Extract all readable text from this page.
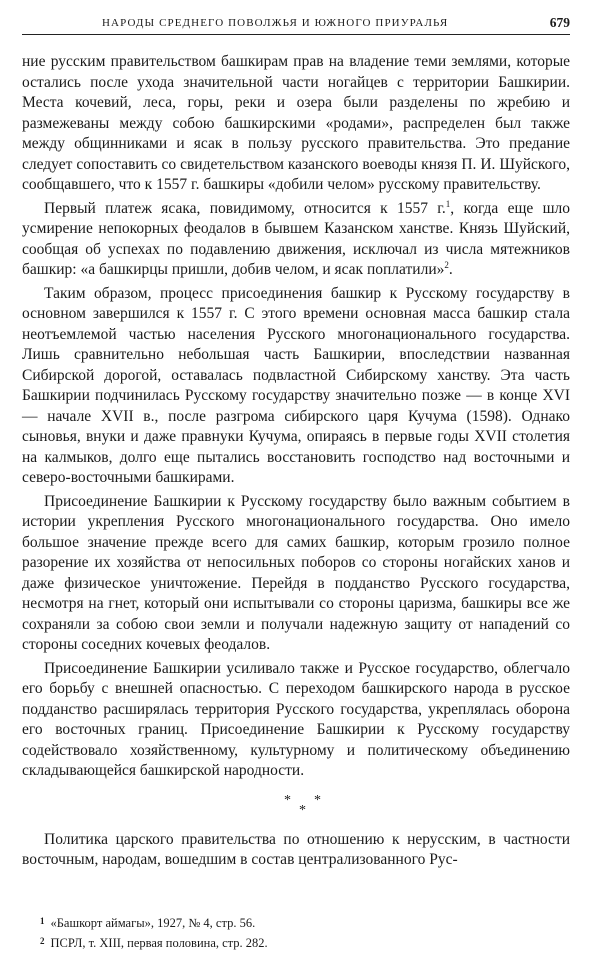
НАРОДЫ СРЕДНЕГО ПОВОЛЖЬЯ И ЮЖНОГО ПРИУРАЛЬЯ	679

ние русским правительством башкирам прав на владение теми землями, которые остались после ухода значительной части ногайцев с территории Башкирии. Места кочевий, леса, горы, реки и озера были разделены по жребию и размежеваны между собою башкирскими «родами», распределен был также между общинниками и ясак в пользу русского правительства. Это предание следует сопоставить со свидетельством казанского воеводы князя П. И. Шуйского, сообщавшего, что к 1557 г. башкиры «добили челом» русскому правительству.

Первый платеж ясака, повидимому, относится к 1557 г.$^1$, когда еще шло усмирение непокорных феодалов в бывшем Казанском ханстве. Князь Шуйский, сообщая об успехах по подавлению движения, исключал из числа мятежников башкир: «а башкирцы пришли, добив челом, и ясак поплатили»$^2$.

Таким образом, процесс присоединения башкир к Русскому государству в основном завершился к 1557 г. С этого времени основная масса башкир стала неотъемлемой частью населения Русского многонационального государства. Лишь сравнительно небольшая часть Башкирии, впоследствии названная Сибирской дорогой, оставалась подвластной Сибирскому ханству. Эта часть Башкирии подчинилась Русскому государству значительно позже — в конце XVI — начале XVII в., после разгрома сибирского царя Кучума (1598). Однако сыновья, внуки и даже правнуки Кучума, опираясь в первые годы XVII столетия на калмыков, долго еще пытались восстановить господство над восточными и северо-восточными башкирами.

Присоединение Башкирии к Русскому государству было важным событием в истории укрепления Русского многонационального государства. Оно имело большое значение прежде всего для самих башкир, которым грозило полное разорение их хозяйства от непосильных поборов со стороны ногайских ханов и даже физическое уничтожение. Перейдя в подданство Русского государства, несмотря на гнет, который они испытывали со стороны царизма, башкиры все же сохраняли за собою свои земли и получали надежную защиту от нападений со стороны соседних кочевых феодалов.

Присоединение Башкирии усиливало также и Русское государство, облегчало его борьбу с внешней опасностью. С переходом башкирского народа в русское подданство расширялась территория Русского государства, укреплялась оборона его восточных границ. Присоединение Башкирии к Русскому государству содействовало хозяйственному, культурному и политическому объединению складывающейся башкирской народности.

* *
*

Политика царского правительства по отношению к нерусским, в частности восточным, народам, вошедшим в состав централизованного Рус-

$^1$ «Башкорт аймагы», 1927, № 4, стр. 56.

$^2$ ПСРЛ, т. XIII, первая половина, стр. 282.
